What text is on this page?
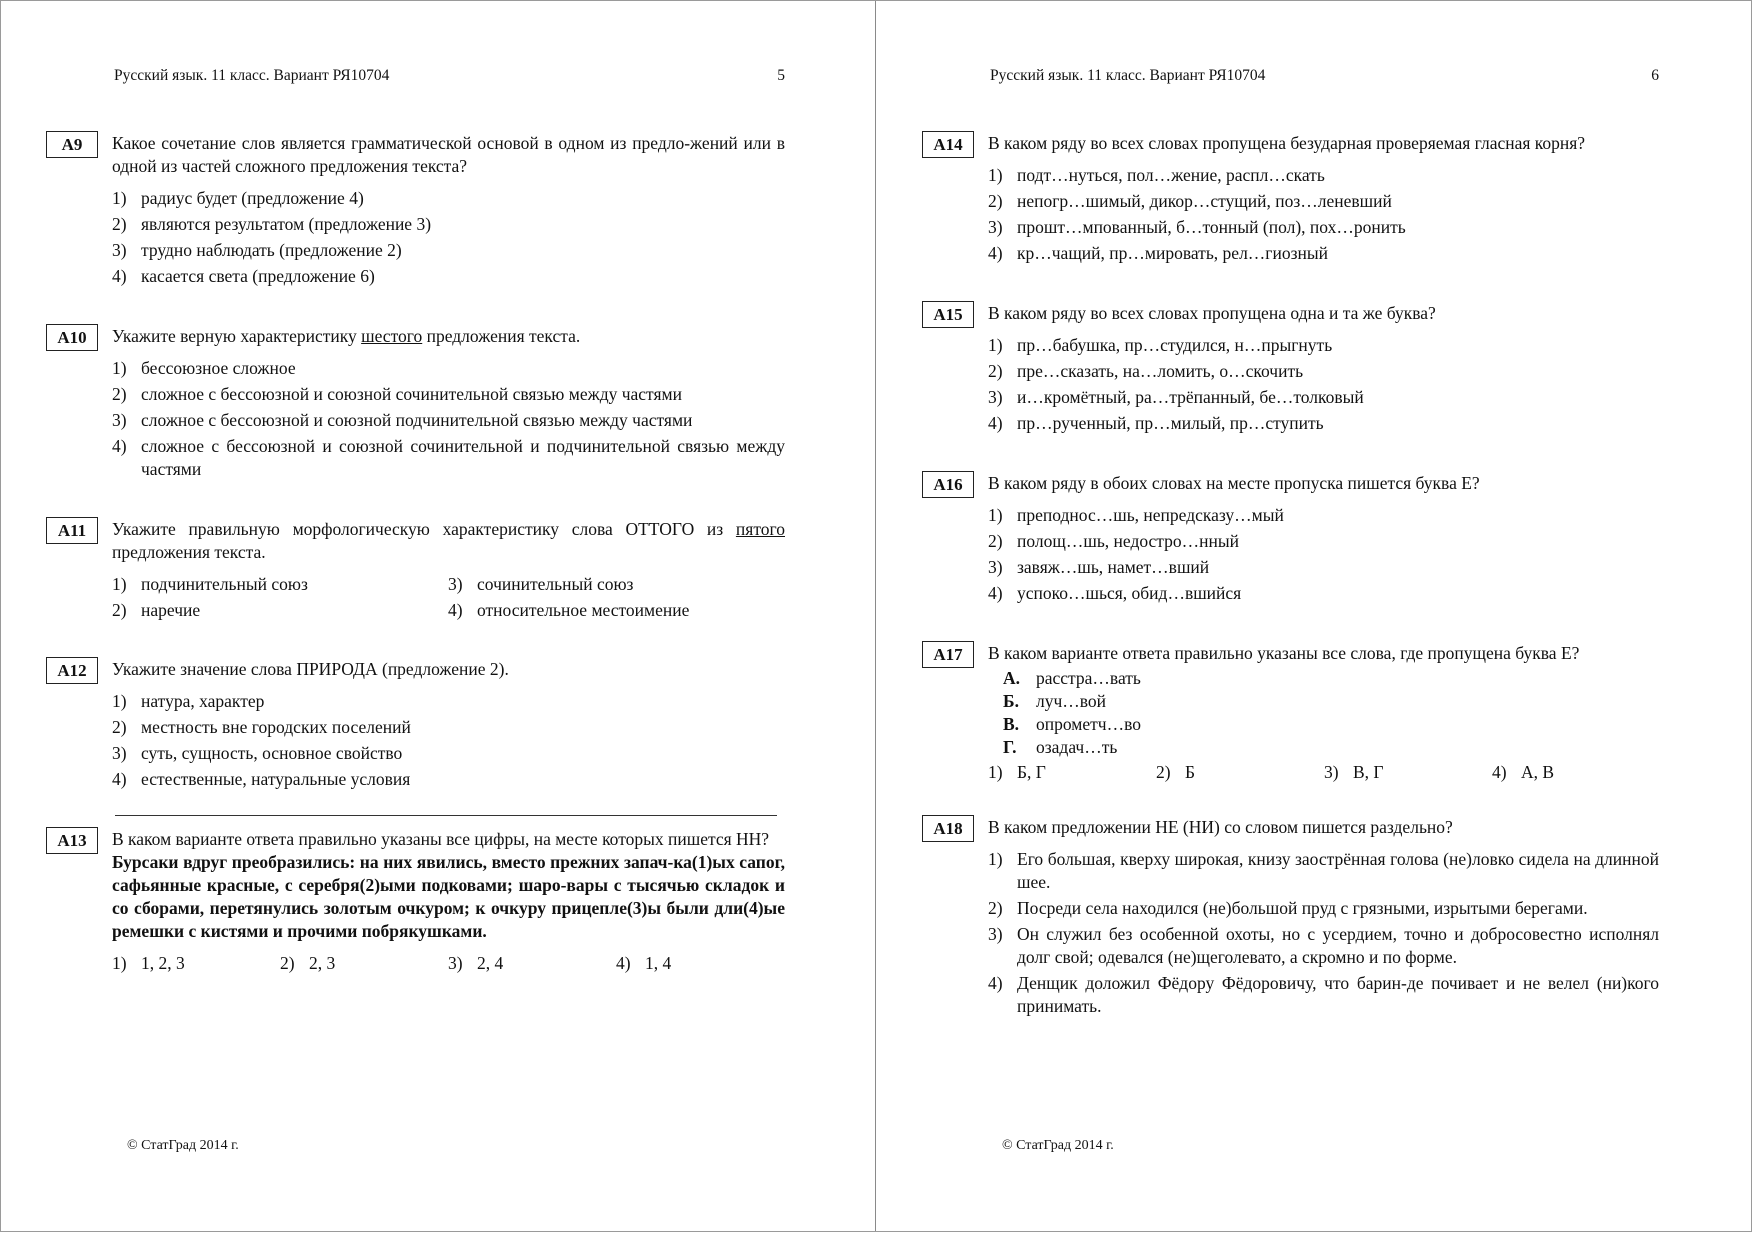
Русский язык. 11 класс. Вариант РЯ10704	5
А9	Какое сочетание слов является грамматической основой в одном из предло-жений или в одной из частей сложного предложения текста?
1) радиус будет (предложение 4)
2) являются результатом (предложение 3)
3) трудно наблюдать (предложение 2)
4) касается света (предложение 6)
А10	Укажите верную характеристику шестого предложения текста.
1) бессоюзное сложное
2) сложное с бессоюзной и союзной сочинительной связью между частями
3) сложное с бессоюзной и союзной подчинительной связью между частями
4) сложное с бессоюзной и союзной сочинительной и подчинительной связью между частями
А11	Укажите правильную морфологическую характеристику слова ОТТОГО из пятого предложения текста.
1) подчинительный союз	3) сочинительный союз
2) наречие	4) относительное местоимение
А12	Укажите значение слова ПРИРОДА (предложение 2).
1) натура, характер
2) местность вне городских поселений
3) суть, сущность, основное свойство
4) естественные, натуральные условия
А13	В каком варианте ответа правильно указаны все цифры, на месте которых пишется НН?
Бурсаки вдруг преобразились: на них явились, вместо прежних запач-ка(1)ых сапог, сафьянные красные, с серебря(2)ыми подковами; шаро-вары с тысячью складок и со сборами, перетянулись золотым очкуром; к очкуру прицепле(3)ы были дли(4)ые ремешки с кистями и прочими побрякушками.
1) 1, 2, 3	2) 2, 3	3) 2, 4	4) 1, 4
© СтатГрад 2014 г.
Русский язык. 11 класс. Вариант РЯ10704	6
А14	В каком ряду во всех словах пропущена безударная проверяемая гласная корня?
1) подт…нуться, пол…жение, распл…скать
2) непогр…шимый, дикор…стущий, поз…леневший
3) прошт…мпованный, б…тонный (пол), пох…ронить
4) кр…чащий, пр…мировать, рел…гиозный
А15	В каком ряду во всех словах пропущена одна и та же буква?
1) пр…бабушка, пр…студился, н…прыгнуть
2) пре…сказать, на…ломить, о…скочить
3) и…кромётный, ра…трёпанный, бе…толковый
4) пр…рученный, пр…милый, пр…ступить
А16	В каком ряду в обоих словах на месте пропуска пишется буква Е?
1) преподнос…шь, непредсказу…мый
2) полощ…шь, недостро…нный
3) завяж…шь, намет…вший
4) успоко…шься, обид…вшийся
А17	В каком варианте ответа правильно указаны все слова, где пропущена буква Е?
А. расстра…вать
Б. луч…вой
В. опрометч…во
Г.	озадач…ть
1) Б, Г	2) Б	3) В, Г	4) А, В
А18	В каком предложении НЕ (НИ) со словом пишется раздельно?
1) Его большая, кверху широкая, книзу заострённая голова (не)ловко сидела на длинной шее.
2) Посреди села находился (не)большой пруд с грязными, изрытыми берегами.
3) Он служил без особенной охоты, но с усердием, точно и добросовестно исполнял долг свой; одевался (не)щеголевато, а скромно и по форме.
4) Денщик доложил Фёдору Фёдоровичу, что барин-де почивает и не велел (ни)кого принимать.
© СтатГрад 2014 г.
